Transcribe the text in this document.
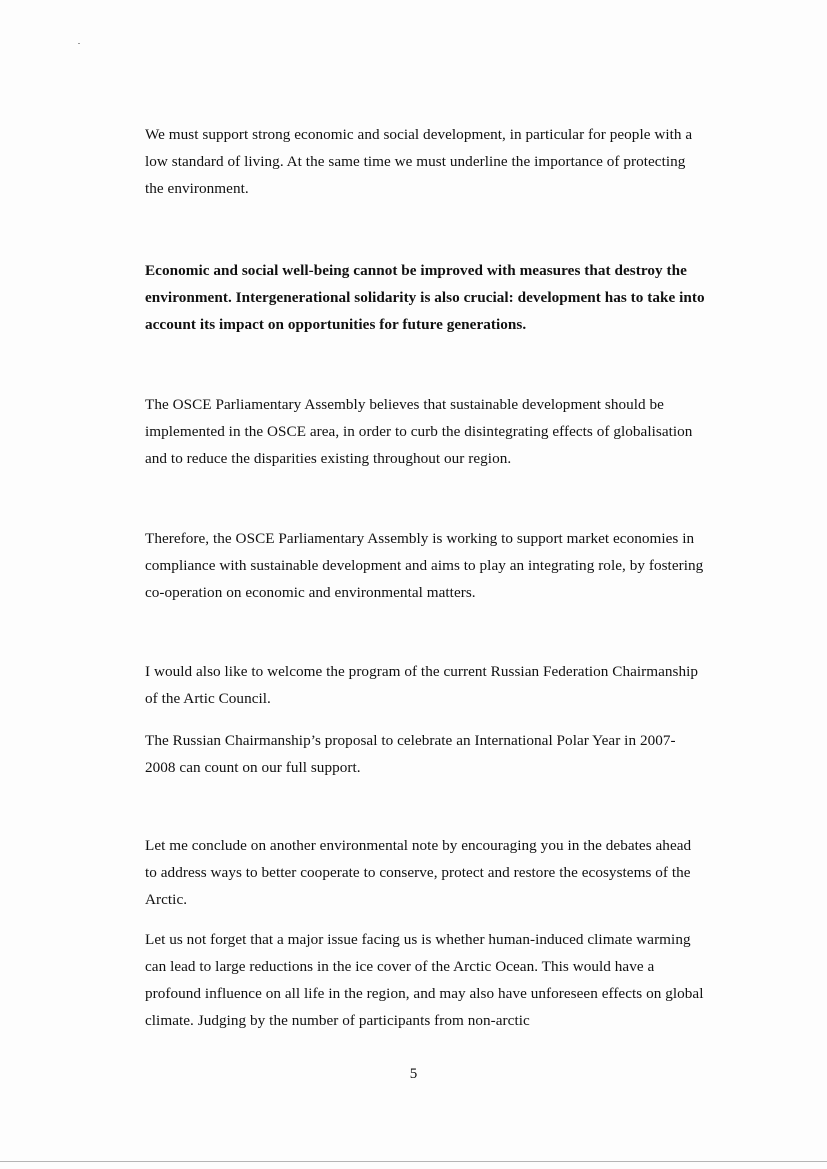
We must support strong economic and social development, in particular for people with a low standard of living. At the same time we must underline the importance of protecting the environment.

Economic and social well-being cannot be improved with measures that destroy the environment. Intergenerational solidarity is also crucial: development has to take into account its impact on opportunities for future generations.

The OSCE Parliamentary Assembly believes that sustainable development should be implemented in the OSCE area, in order to curb the disintegrating effects of globalisation and to reduce the disparities existing throughout our region.

Therefore, the OSCE Parliamentary Assembly is working to support market economies in compliance with sustainable development and aims to play an integrating role, by fostering co-operation on economic and environmental matters.

I would also like to welcome the program of the current Russian Federation Chairmanship of the Artic Council.

The Russian Chairmanship’s proposal to celebrate an International Polar Year in 2007-2008 can count on our full support.

Let me conclude on another environmental note by encouraging you in the debates ahead to address ways to better cooperate to conserve, protect and restore the ecosystems of the Arctic.

Let us not forget that a major issue facing us is whether human-induced climate warming can lead to large reductions in the ice cover of the Arctic Ocean. This would have a profound influence on all life in the region, and may also have unforeseen effects on global climate. Judging by the number of participants from non-arctic

5
